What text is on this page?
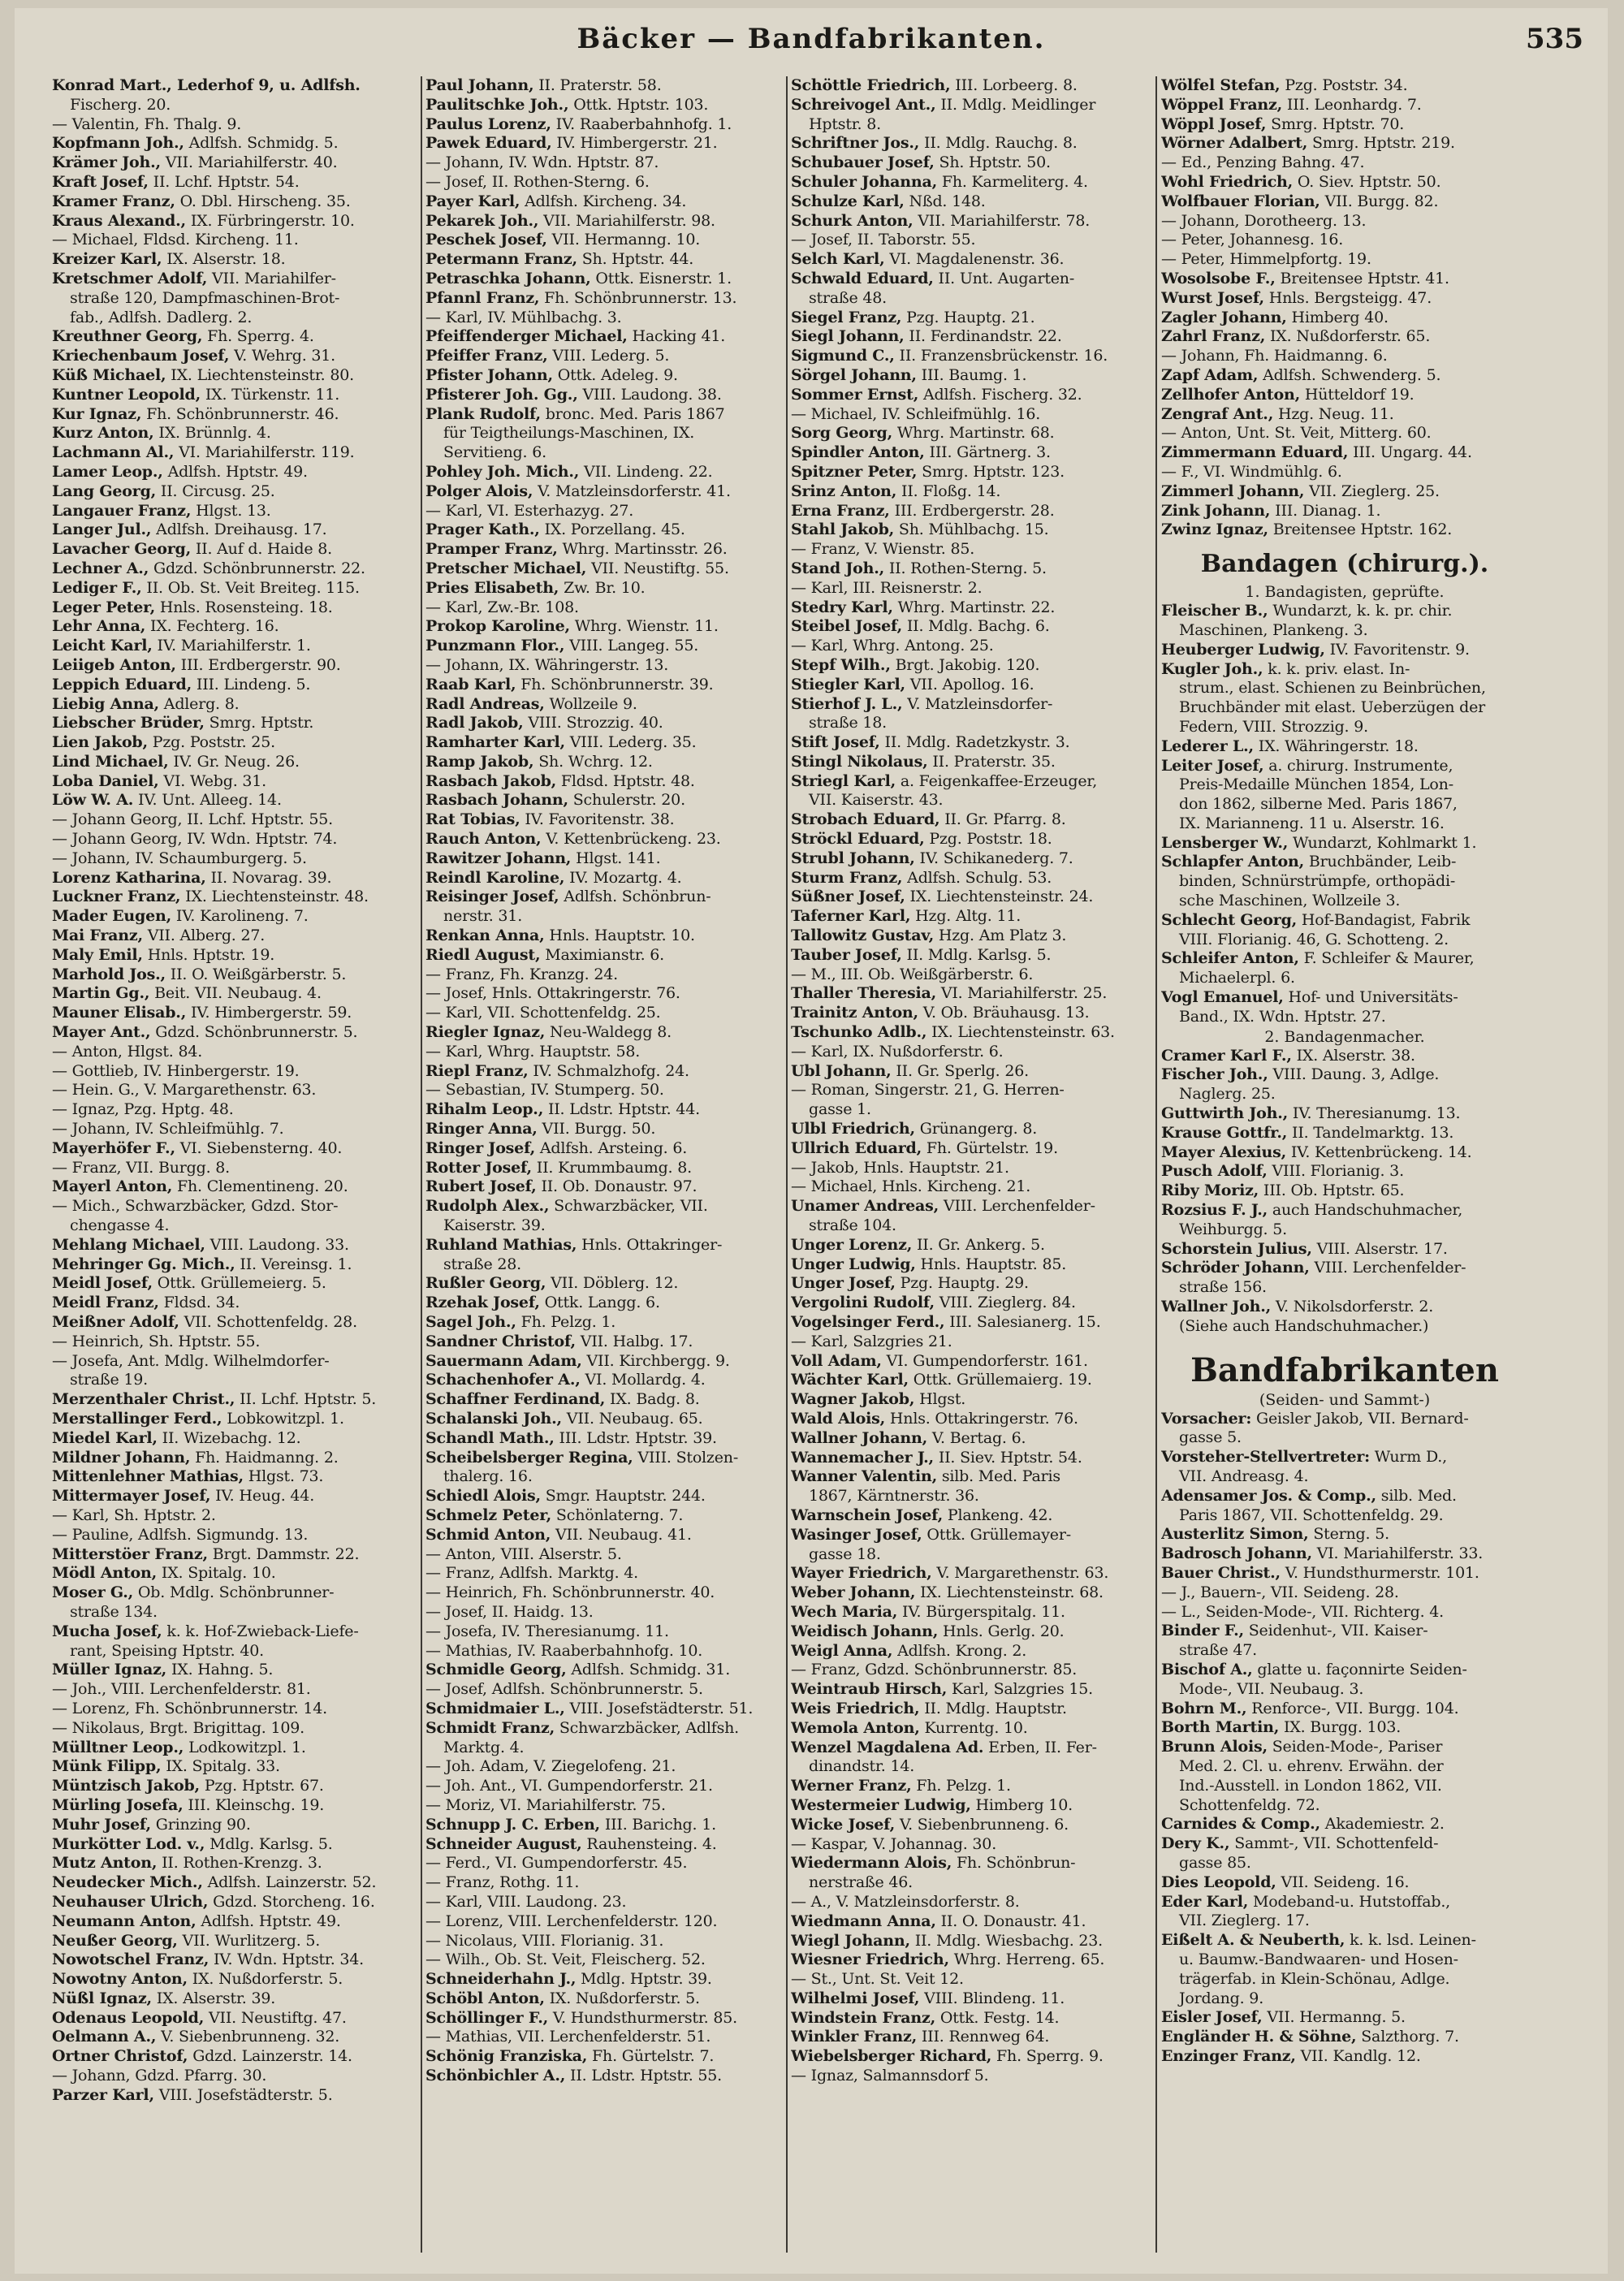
Bäcker — Bandfabrikanten.	535
Konrad Mart., Lederhof 9, u. Adlfsh.
Fischerg. 20.
— Valentin, Fh. Thalg. 9.
Kopfmann Joh., Adlfsh. Schmidg. 5.
Krämer Joh., VII. Mariahilferstr. 40.
Kraft Josef, II. Lchf. Hptstr. 54.
Kramer Franz, O. Dbl. Hirscheng. 35.
Kraus Alexand., IX. Fürbringerstr. 10.
— Michael, Fldsd. Kircheng. 11.
Kreizer Karl, IX. Alserstr. 18.
Kretschmer Adolf, VII. Mariahilfer-
straße 120, Dampfmaschinen-Brot-
fab., Adlfsh. Dadlerg. 2.
Kreuthner Georg, Fh. Sperrg. 4.
Kriechenbaum Josef, V. Wehrg. 31.
Küß Michael, IX. Liechtensteinstr. 80.
Kuntner Leopold, IX. Türkenstr. 11.
Kur Ignaz, Fh. Schönbrunnerstr. 46.
Kurz Anton, IX. Brünnlg. 4.
Lachmann Al., VI. Mariahilferstr. 119.
Lamer Leop., Adlfsh. Hptstr. 49.
Lang Georg, II. Circusg. 25.
Langauer Franz, Hlgst. 13.
Langer Jul., Adlfsh. Dreihausg. 17.
Lavacher Georg, II. Auf d. Haide 8.
Lechner A., Gdzd. Schönbrunnerstr. 22.
Lediger F., II. Ob. St. Veit Breiteg. 115.
Leger Peter, Hnls. Rosensteing. 18.
Lehr Anna, IX. Fechterg. 16.
Leicht Karl, IV. Mariahilferstr. 1.
Leiigeb Anton, III. Erdbergerstr. 90.
Leppich Eduard, III. Lindeng. 5.
Liebig Anna, Adlerg. 8.
Liebscher Brüder, Smrg. Hptstr.
Lien Jakob, Pzg. Poststr. 25.
Lind Michael, IV. Gr. Neug. 26.
Loba Daniel, VI. Webg. 31.
Löw W. A. IV. Unt. Alleeg. 14.
— Johann Georg, II. Lchf. Hptstr. 55.
— Johann Georg, IV. Wdn. Hptstr. 74.
— Johann, IV. Schaumburgerg. 5.
Lorenz Katharina, II. Novarag. 39.
Luckner Franz, IX. Liechtensteinstr. 48.
Mader Eugen, IV. Karolineng. 7.
Mai Franz, VII. Alberg. 27.
Maly Emil, Hnls. Hptstr. 19.
Marhold Jos., II. O. Weißgärberstr. 5.
Martin Gg., Beit. VII. Neubaug. 4.
Mauner Elisab., IV. Himbergerstr. 59.
Mayer Ant., Gdzd. Schönbrunnerstr. 5.
— Anton, Hlgst. 84.
— Gottlieb, IV. Hinbergerstr. 19.
— Hein. G., V. Margarethenstr. 63.
— Ignaz, Pzg. Hptg. 48.
— Johann, IV. Schleifmühlg. 7.
Mayerhöfer F., VI. Siebensterng. 40.
— Franz, VII. Burgg. 8.
Mayerl Anton, Fh. Clementineng. 20.
— Mich., Schwarzbäcker, Gdzd. Stor-
chengasse 4.
Mehlang Michael, VIII. Laudong. 33.
Mehringer Gg. Mich., II. Vereinsg. 1.
Meidl Josef, Ottk. Grüllemeierg. 5.
Meidl Franz, Fldsd. 34.
Meißner Adolf, VII. Schottenfeldg. 28.
— Heinrich, Sh. Hptstr. 55.
— Josefa, Ant. Mdlg. Wilhelmdorfer-
straße 19.
Merzenthaler Christ., II. Lchf. Hptstr. 5.
Merstallinger Ferd., Lobkowitzpl. 1.
Miedel Karl, II. Wizebachg. 12.
Mildner Johann, Fh. Haidmanng. 2.
Mittenlehner Mathias, Hlgst. 73.
Mittermayer Josef, IV. Heug. 44.
— Karl, Sh. Hptstr. 2.
— Pauline, Adlfsh. Sigmundg. 13.
Mitterstöer Franz, Brgt. Dammstr. 22.
Mödl Anton, IX. Spitalg. 10.
Moser G., Ob. Mdlg. Schönbrunner-
straße 134.
Mucha Josef, k. k. Hof-Zwieback-Liefe-
rant, Speising Hptstr. 40.
Müller Ignaz, IX. Hahng. 5.
— Joh., VIII. Lerchenfelderstr. 81.
— Lorenz, Fh. Schönbrunnerstr. 14.
— Nikolaus, Brgt. Brigittag. 109.
Mülltner Leop., Lodkowitzpl. 1.
Münk Filipp, IX. Spitalg. 33.
Müntzisch Jakob, Pzg. Hptstr. 67.
Mürling Josefa, III. Kleinschg. 19.
Muhr Josef, Grinzing 90.
Murkötter Lod. v., Mdlg. Karlsg. 5.
Mutz Anton, II. Rothen-Krenzg. 3.
Neudecker Mich., Adlfsh. Lainzerstr. 52.
Neuhauser Ulrich, Gdzd. Storcheng. 16.
Neumann Anton, Adlfsh. Hptstr. 49.
Neußer Georg, VII. Wurlitzerg. 5.
Nowotschel Franz, IV. Wdn. Hptstr. 34.
Nowotny Anton, IX. Nußdorferstr. 5.
Nüßl Ignaz, IX. Alserstr. 39.
Odenaus Leopold, VII. Neustiftg. 47.
Oelmann A., V. Siebenbrunneng. 32.
Ortner Christof, Gdzd. Lainzerstr. 14.
— Johann, Gdzd. Pfarrg. 30.
Parzer Karl, VIII. Josefstädterstr. 5.
Paul Johann, II. Praterstr. 58.
Paulitschke Joh., Ottk. Hptstr. 103.
Paulus Lorenz, IV. Raaberbahnhofg. 1.
Pawek Eduard, IV. Himbergerstr. 21.
— Johann, IV. Wdn. Hptstr. 87.
— Josef, II. Rothen-Sterng. 6.
Payer Karl, Adlfsh. Kircheng. 34.
Pekarek Joh., VII. Mariahilferstr. 98.
Peschek Josef, VII. Hermanng. 10.
Petermann Franz, Sh. Hptstr. 44.
Petraschka Johann, Ottk. Eisnerstr. 1.
Pfannl Franz, Fh. Schönbrunnerstr. 13.
— Karl, IV. Mühlbachg. 3.
Pfeiffenderger Michael, Hacking 41.
Pfeiffer Franz, VIII. Lederg. 5.
Pfister Johann, Ottk. Adeleg. 9.
Pfisterer Joh. Gg., VIII. Laudong. 38.
Plank Rudolf, bronc. Med. Paris 1867
für Teigtheilungs-Maschinen, IX.
Servitieng. 6.
Pohley Joh. Mich., VII. Lindeng. 22.
Polger Alois, V. Matzleinsdorferstr. 41.
— Karl, VI. Esterhazyg. 27.
Prager Kath., IX. Porzellang. 45.
Pramper Franz, Whrg. Martinsstr. 26.
Pretscher Michael, VII. Neustiftg. 55.
Pries Elisabeth, Zw. Br. 10.
— Karl, Zw.-Br. 108.
Prokop Karoline, Whrg. Wienstr. 11.
Punzmann Flor., VIII. Langeg. 55.
— Johann, IX. Währingerstr. 13.
Raab Karl, Fh. Schönbrunnerstr. 39.
Radl Andreas, Wollzeile 9.
Radl Jakob, VIII. Strozzig. 40.
Ramharter Karl, VIII. Lederg. 35.
Ramp Jakob, Sh. Wchrg. 12.
Rasbach Jakob, Fldsd. Hptstr. 48.
Rasbach Johann, Schulerstr. 20.
Rat Tobias, IV. Favoritenstr. 38.
Rauch Anton, V. Kettenbrückeng. 23.
Rawitzer Johann, Hlgst. 141.
Reindl Karoline, IV. Mozartg. 4.
Reisinger Josef, Adlfsh. Schönbrun-
nerstr. 31.
Renkan Anna, Hnls. Hauptstr. 10.
Riedl August, Maximianstr. 6.
— Franz, Fh. Kranzg. 24.
— Josef, Hnls. Ottakringerstr. 76.
— Karl, VII. Schottenfeldg. 25.
Riegler Ignaz, Neu-Waldegg 8.
— Karl, Whrg. Hauptstr. 58.
Riepl Franz, IV. Schmalzhofg. 24.
— Sebastian, IV. Stumperg. 50.
Rihalm Leop., II. Ldstr. Hptstr. 44.
Ringer Anna, VII. Burgg. 50.
Ringer Josef, Adlfsh. Arsteing. 6.
Rotter Josef, II. Krummbaumg. 8.
Rubert Josef, II. Ob. Donaustr. 97.
Rudolph Alex., Schwarzbäcker, VII.
Kaiserstr. 39.
Ruhland Mathias, Hnls. Ottakringer-
straße 28.
Rußler Georg, VII. Döblerg. 12.
Rzehak Josef, Ottk. Langg. 6.
Sagel Joh., Fh. Pelzg. 1.
Sandner Christof, VII. Halbg. 17.
Sauermann Adam, VII. Kirchbergg. 9.
Schachenhofer A., VI. Mollardg. 4.
Schaffner Ferdinand, IX. Badg. 8.
Schalanski Joh., VII. Neubaug. 65.
Schandl Math., III. Ldstr. Hptstr. 39.
Scheibelsberger Regina, VIII. Stolzen-
thalerg. 16.
Schiedl Alois, Smgr. Hauptstr. 244.
Schmelz Peter, Schönlaterng. 7.
Schmid Anton, VII. Neubaug. 41.
— Anton, VIII. Alserstr. 5.
— Franz, Adlfsh. Marktg. 4.
— Heinrich, Fh. Schönbrunnerstr. 40.
— Josef, II. Haidg. 13.
— Josefa, IV. Theresianumg. 11.
— Mathias, IV. Raaberbahnhofg. 10.
Schmidle Georg, Adlfsh. Schmidg. 31.
— Josef, Adlfsh. Schönbrunnerstr. 5.
Schmidmaier L., VIII. Josefstädterstr. 51.
Schmidt Franz, Schwarzbäcker, Adlfsh.
Marktg. 4.
— Joh. Adam, V. Ziegelofeng. 21.
— Joh. Ant., VI. Gumpendorferstr. 21.
— Moriz, VI. Mariahilferstr. 75.
Schnupp J. C. Erben, III. Barichg. 1.
Schneider August, Rauhensteing. 4.
— Ferd., VI. Gumpendorferstr. 45.
— Franz, Rothg. 11.
— Karl, VIII. Laudong. 23.
— Lorenz, VIII. Lerchenfelderstr. 120.
— Nicolaus, VIII. Florianig. 31.
— Wilh., Ob. St. Veit, Fleischerg. 52.
Schneiderhahn J., Mdlg. Hptstr. 39.
Schöbl Anton, IX. Nußdorferstr. 5.
Schöllinger F., V. Hundsthurmerstr. 85.
— Mathias, VII. Lerchenfelderstr. 51.
Schönig Franziska, Fh. Gürtelstr. 7.
Schönbichler A., II. Ldstr. Hptstr. 55.
Schöttle Friedrich, III. Lorbeerg. 8.
Schreivogel Ant., II. Mdlg. Meidlinger
Hptstr. 8.
Schriftner Jos., II. Mdlg. Rauchg. 8.
Schubauer Josef, Sh. Hptstr. 50.
Schuler Johanna, Fh. Karmeliterg. 4.
Schulze Karl, Nßd. 148.
Schurk Anton, VII. Mariahilferstr. 78.
— Josef, II. Taborstr. 55.
Selch Karl, VI. Magdalenenstr. 36.
Schwald Eduard, II. Unt. Augarten-
straße 48.
Siegel Franz, Pzg. Hauptg. 21.
Siegl Johann, II. Ferdinandstr. 22.
Sigmund C., II. Franzensbrückenstr. 16.
Sörgel Johann, III. Baumg. 1.
Sommer Ernst, Adlfsh. Fischerg. 32.
— Michael, IV. Schleifmühlg. 16.
Sorg Georg, Whrg. Martinstr. 68.
Spindler Anton, III. Gärtnerg. 3.
Spitzner Peter, Smrg. Hptstr. 123.
Srinz Anton, II. Floßg. 14.
Erna Franz, III. Erdbergerstr. 28.
Stahl Jakob, Sh. Mühlbachg. 15.
— Franz, V. Wienstr. 85.
Stand Joh., II. Rothen-Sterng. 5.
— Karl, III. Reisnerstr. 2.
Stedry Karl, Whrg. Martinstr. 22.
Steibel Josef, II. Mdlg. Bachg. 6.
— Karl, Whrg. Antong. 25.
Stepf Wilh., Brgt. Jakobig. 120.
Stiegler Karl, VII. Apollog. 16.
Stierhof J. L., V. Matzleinsdorfer-
straße 18.
Stift Josef, II. Mdlg. Radetzkystr. 3.
Stingl Nikolaus, II. Praterstr. 35.
Striegl Karl, a. Feigenkaffee-Erzeuger,
VII. Kaiserstr. 43.
Strobach Eduard, II. Gr. Pfarrg. 8.
Ströckl Eduard, Pzg. Poststr. 18.
Strubl Johann, IV. Schikanederg. 7.
Sturm Franz, Adlfsh. Schulg. 53.
Süßner Josef, IX. Liechtensteinstr. 24.
Taferner Karl, Hzg. Altg. 11.
Tallowitz Gustav, Hzg. Am Platz 3.
Tauber Josef, II. Mdlg. Karlsg. 5.
— M., III. Ob. Weißgärberstr. 6.
Thaller Theresia, VI. Mariahilferstr. 25.
Trainitz Anton, V. Ob. Bräuhausg. 13.
Tschunko Adlb., IX. Liechtensteinstr. 63.
— Karl, IX. Nußdorferstr. 6.
Ubl Johann, II. Gr. Sperlg. 26.
— Roman, Singerstr. 21, G. Herren-
gasse 1.
Ulbl Friedrich, Grünangerg. 8.
Ullrich Eduard, Fh. Gürtelstr. 19.
— Jakob, Hnls. Hauptstr. 21.
— Michael, Hnls. Kircheng. 21.
Unamer Andreas, VIII. Lerchenfelder-
straße 104.
Unger Lorenz, II. Gr. Ankerg. 5.
Unger Ludwig, Hnls. Hauptstr. 85.
Unger Josef, Pzg. Hauptg. 29.
Vergolini Rudolf, VIII. Zieglerg. 84.
Vogelsinger Ferd., III. Salesianerg. 15.
— Karl, Salzgries 21.
Voll Adam, VI. Gumpendorferstr. 161.
Wächter Karl, Ottk. Grüllemaierg. 19.
Wagner Jakob, Hlgst.
Wald Alois, Hnls. Ottakringerstr. 76.
Wallner Johann, V. Bertag. 6.
Wannemacher J., II. Siev. Hptstr. 54.
Wanner Valentin, silb. Med. Paris
1867, Kärntnerstr. 36.
Warnschein Josef, Plankeng. 42.
Wasinger Josef, Ottk. Grüllemayer-
gasse 18.
Wayer Friedrich, V. Margarethenstr. 63.
Weber Johann, IX. Liechtensteinstr. 68.
Wech Maria, IV. Bürgerspitalg. 11.
Weidisch Johann, Hnls. Gerlg. 20.
Weigl Anna, Adlfsh. Krong. 2.
— Franz, Gdzd. Schönbrunnerstr. 85.
Weintraub Hirsch, Karl, Salzgries 15.
Weis Friedrich, II. Mdlg. Hauptstr.
Wemola Anton, Kurrentg. 10.
Wenzel Magdalena Ad. Erben, II. Fer-
dinandstr. 14.
Werner Franz, Fh. Pelzg. 1.
Westermeier Ludwig, Himberg 10.
Wicke Josef, V. Siebenbrunneng. 6.
— Kaspar, V. Johannag. 30.
Wiedermann Alois, Fh. Schönbrun-
nerstraße 46.
— A., V. Matzleinsdorferstr. 8.
Wiedmann Anna, II. O. Donaustr. 41.
Wiegl Johann, II. Mdlg. Wiesbachg. 23.
Wiesner Friedrich, Whrg. Herreng. 65.
— St., Unt. St. Veit 12.
Wilhelmi Josef, VIII. Blindeng. 11.
Windstein Franz, Ottk. Festg. 14.
Winkler Franz, III. Rennweg 64.
Wiebelsberger Richard, Fh. Sperrg. 9.
— Ignaz, Salmannsdorf 5.
Wölfel Stefan, Pzg. Poststr. 34.
Wöppel Franz, III. Leonhardg. 7.
Wöppl Josef, Smrg. Hptstr. 70.
Wörner Adalbert, Smrg. Hptstr. 219.
— Ed., Penzing Bahng. 47.
Wohl Friedrich, O. Siev. Hptstr. 50.
Wolfbauer Florian, VII. Burgg. 82.
— Johann, Dorotheerg. 13.
— Peter, Johannesg. 16.
— Peter, Himmelpfortg. 19.
Wosolsobe F., Breitensee Hptstr. 41.
Wurst Josef, Hnls. Bergsteigg. 47.
Zagler Johann, Himberg 40.
Zahrl Franz, IX. Nußdorferstr. 65.
— Johann, Fh. Haidmanng. 6.
Zapf Adam, Adlfsh. Schwenderg. 5.
Zellhofer Anton, Hütteldorf 19.
Zengraf Ant., Hzg. Neug. 11.
— Anton, Unt. St. Veit, Mitterg. 60.
Zimmermann Eduard, III. Ungarg. 44.
— F., VI. Windmühlg. 6.
Zimmerl Johann, VII. Zieglerg. 25.
Zink Johann, III. Dianag. 1.
Zwinz Ignaz, Breitensee Hptstr. 162.
Bandagen (chirurg.).
1. Bandagisten, geprüfte.
Fleischer B., Wundarzt, k. k. pr. chir.
Maschinen, Plankeng. 3.
Heuberger Ludwig, IV. Favoritenstr. 9.
Kugler Joh., k. k. priv. elast. In-
strum., elast. Schienen zu Beinbrüchen,
Bruchbänder mit elast. Ueberzügen der
Federn, VIII. Strozzig. 9.
Lederer L., IX. Währingerstr. 18.
Leiter Josef, a. chirurg. Instrumente,
Preis-Medaille München 1854, Lon-
don 1862, silberne Med. Paris 1867,
IX. Marianneng. 11 u. Alserstr. 16.
Lensberger W., Wundarzt, Kohlmarkt 1.
Schlapfer Anton, Bruchbänder, Leib-
binden, Schnürstrümpfe, orthopädi-
sche Maschinen, Wollzeile 3.
Schlecht Georg, Hof-Bandagist, Fabrik
VIII. Florianig. 46, G. Schotteng. 2.
Schleifer Anton, F. Schleifer & Maurer,
Michaelerpl. 6.
Vogl Emanuel, Hof- und Universitäts-
Band., IX. Wdn. Hptstr. 27.
2. Bandagenmacher.
Cramer Karl F., IX. Alserstr. 38.
Fischer Joh., VIII. Daung. 3, Adlge.
Naglerg. 25.
Guttwirth Joh., IV. Theresianumg. 13.
Krause Gottfr., II. Tandelmarktg. 13.
Mayer Alexius, IV. Kettenbrückeng. 14.
Pusch Adolf, VIII. Florianig. 3.
Riby Moriz, III. Ob. Hptstr. 65.
Rozsius F. J., auch Handschuhmacher,
Weihburgg. 5.
Schorstein Julius, VIII. Alserstr. 17.
Schröder Johann, VIII. Lerchenfelder-
straße 156.
Wallner Joh., V. Nikolsdorferstr. 2.
(Siehe auch Handschuhmacher.)
Bandfabrikanten
(Seiden- und Sammt-)
Vorsacher: Geisler Jakob, VII. Bernard-
gasse 5.
Vorsteher-Stellvertreter: Wurm D.,
VII. Andreasg. 4.
Adensamer Jos. & Comp., silb. Med.
Paris 1867, VII. Schottenfeldg. 29.
Austerlitz Simon, Sterng. 5.
Badrosch Johann, VI. Mariahilferstr. 33.
Bauer Christ., V. Hundsthurmerstr. 101.
— J., Bauern-, VII. Seideng. 28.
— L., Seiden-Mode-, VII. Richterg. 4.
Binder F., Seidenhut-, VII. Kaiser-
straße 47.
Bischof A., glatte u. façonnirte Seiden-
Mode-, VII. Neubaug. 3.
Bohrn M., Renforce-, VII. Burgg. 104.
Borth Martin, IX. Burgg. 103.
Brunn Alois, Seiden-Mode-, Pariser
Med. 2. Cl. u. ehrenv. Erwähn. der
Ind.-Ausstell. in London 1862, VII.
Schottenfeldg. 72.
Carnides & Comp., Akademiestr. 2.
Dery K., Sammt-, VII. Schottenfeld-
gasse 85.
Dies Leopold, VII. Seideng. 16.
Eder Karl, Modeband-u. Hutstoffab.,
VII. Zieglerg. 17.
Eißelt A. & Neuberth, k. k. lsd. Leinen-
u. Baumw.-Bandwaaren- und Hosen-
trägerfab. in Klein-Schönau, Adlge.
Jordang. 9.
Eisler Josef, VII. Hermanng. 5.
Engländer H. & Söhne, Salzthorg. 7.
Enzinger Franz, VII. Kandlg. 12.
